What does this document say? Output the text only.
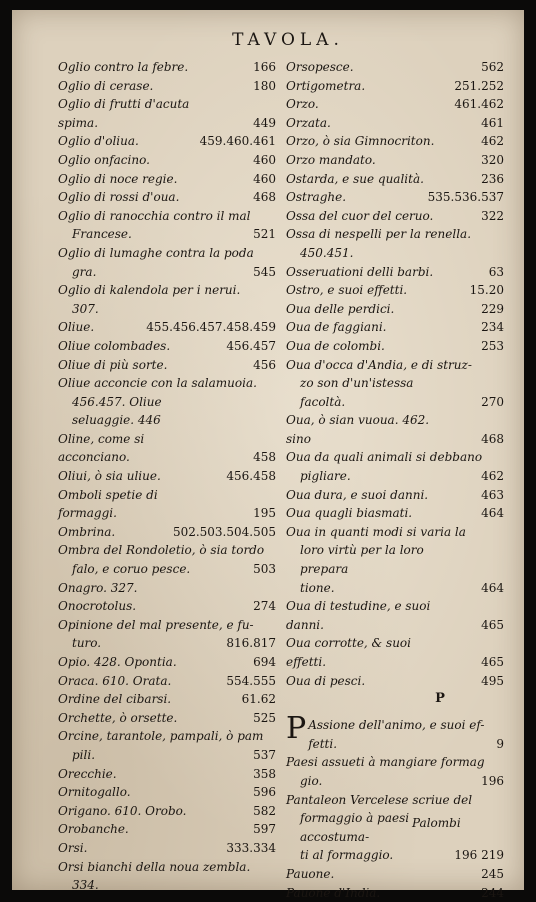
TAVOLA.
Oglio contro la febre.	166
Oglio di cerase.	180
Oglio di frutti d'acuta spima.	449
Oglio d'oliua.	459.460.461
Oglio onfacino.	460
Oglio di noce regie.	460
Oglio di rossi d'oua.	468
Oglio di ranocchia contro il mal
Francese.	521
Oglio di lumaghe contra la poda
gra.	545
Oglio di kalendola per i nerui.
307.
Oliue.	455.456.457.458.459
Oliue colombades.	456.457
Oliue di più sorte.	456
Oliue acconcie con la salamuoia.
456.457. Oliue seluaggie. 446
Oline, come si acconciano.	458
Oliui, ò sia uliue.	456.458
Omboli spetie di formaggi.	195
Ombrina.	502.503.504.505
Ombra del Rondoletio, ò sia tordo
falo, e coruo pesce.	503
Onagro. 327. Onocrotolus.	274
Opinione del mal presente, e fu-
turo.	816.817
Opio. 428. Opontia.	694
Oraca. 610. Orata.	554.555
Ordine del cibarsi.	61.62
Orchette, ò orsette.	525
Orcine, tarantole, pampali, ò pam
pili.	537
Orecchie.	358
Ornitogallo.	596
Origano. 610. Orobo.	582
Orobanche.	597
Orsi.	333.334
Orsi bianchi della noua zembla.
334.
Orsopesce.	562
Ortigometra.	251.252
Orzo.	461.462
Orzata.	461
Orzo, ò sia Gimnocriton.	462
Orzo mandato.	320
Ostarda, e sue qualità.	236
Ostraghe.	535.536.537
Ossa del cuor del ceruo.	322
Ossa di nespelli per la renella.
450.451.
Osseruationi delli barbi.	63
Ostro, e suoi effetti.	15.20
Oua delle perdici.	229
Oua de faggiani.	234
Oua de colombi.	253
Oua d'occa d'Andia, e di struz-
zo son d'un'istessa facoltà.	270
Oua, ò sian vuoua. 462. sino	468
Oua da quali animali si debbano
pigliare.	462
Oua dura, e suoi danni.	463
Oua quagli biasmati.	464
Oua in quanti modi si varia la
loro virtù per la loro prepara
tione.	464
Oua di testudine, e suoi danni.	465
Oua corrotte, & suoi effetti.	465
Oua di pesci.	495
P
P Assione dell'animo, e suoi ef-
fetti.	9
Paesi assueti à mangiare formag
gio.	196
Pantaleon Vercelese scriue del
formaggio à paesi accostuma-
ti al formaggio.	196 219
Pauone.	245
Pauone d'India.	244
Palombi
